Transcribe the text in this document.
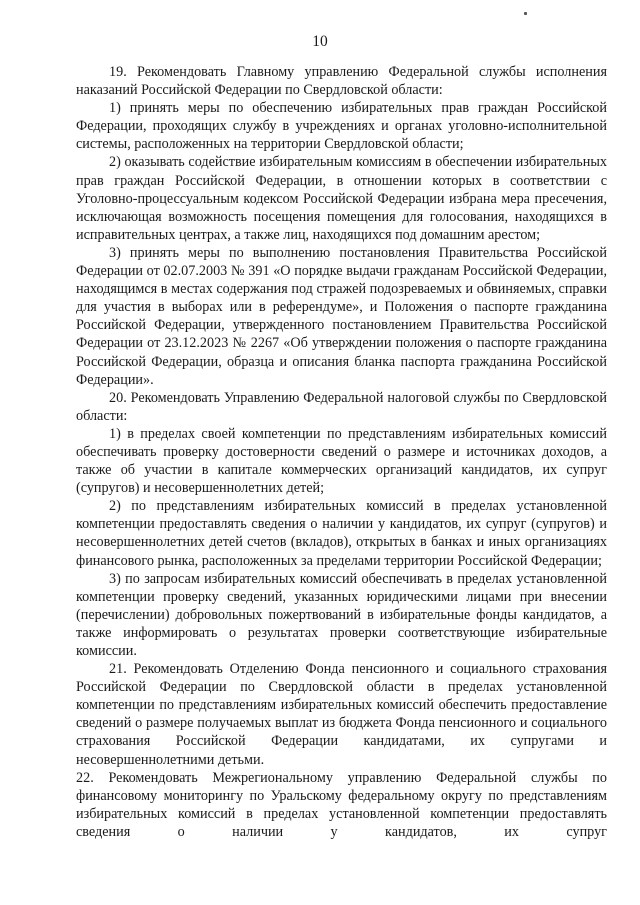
10

19. Рекомендовать Главному управлению Федеральной службы исполнения наказаний Российской Федерации по Свердловской области:

1) принять меры по обеспечению избирательных прав граждан Российской Федерации, проходящих службу в учреждениях и органах уголовно-исполнительной системы, расположенных на территории Свердловской области;

2) оказывать содействие избирательным комиссиям в обеспечении избирательных прав граждан Российской Федерации, в отношении которых в соответствии с Уголовно-процессуальным кодексом Российской Федерации избрана мера пресечения, исключающая возможность посещения помещения для голосования, находящихся в исправительных центрах, а также лиц, находящихся под домашним арестом;

3) принять меры по выполнению постановления Правительства Российской Федерации от 02.07.2003 № 391 «О порядке выдачи гражданам Российской Федерации, находящимся в местах содержания под стражей подозреваемых и обвиняемых, справки для участия в выборах или в референдуме», и Положения о паспорте гражданина Российской Федерации, утвержденного постановлением Правительства Российской Федерации от 23.12.2023 № 2267 «Об утверждении положения о паспорте гражданина Российской Федерации, образца и описания бланка паспорта гражданина Российской Федерации».

20. Рекомендовать Управлению Федеральной налоговой службы по Свердловской области:

1) в пределах своей компетенции по представлениям избирательных комиссий обеспечивать проверку достоверности сведений о размере и источниках доходов, а также об участии в капитале коммерческих организаций кандидатов, их супруг (супругов) и несовершеннолетних детей;

2) по представлениям избирательных комиссий в пределах установленной компетенции предоставлять сведения о наличии у кандидатов, их супруг (супругов) и несовершеннолетних детей счетов (вкладов), открытых в банках и иных организациях финансового рынка, расположенных за пределами территории Российской Федерации;

3) по запросам избирательных комиссий обеспечивать в пределах установленной компетенции проверку сведений, указанных юридическими лицами при внесении (перечислении) добровольных пожертвований в избирательные фонды кандидатов, а также информировать о результатах проверки соответствующие избирательные комиссии.

21. Рекомендовать Отделению Фонда пенсионного и социального страхования Российской Федерации по Свердловской области в пределах установленной компетенции по представлениям избирательных комиссий обеспечить предоставление сведений о размере получаемых выплат из бюджета Фонда пенсионного и социального страхования Российской Федерации кандидатами, их супругами и несовершеннолетними детьми.

22. Рекомендовать Межрегиональному управлению Федеральной службы по финансовому мониторингу по Уральскому федеральному округу по представлениям избирательных комиссий в пределах установленной компетенции предоставлять сведения о наличии у кандидатов, их супруг
